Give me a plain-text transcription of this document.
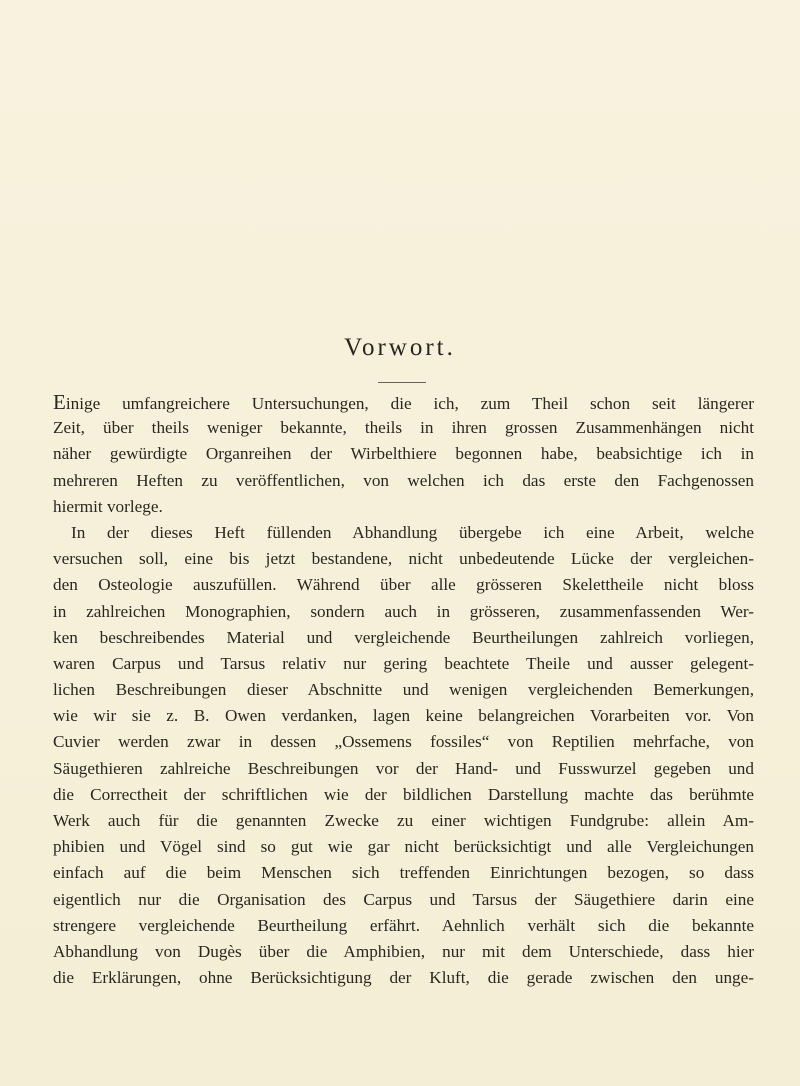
Vorwort.
Einige umfangreichere Untersuchungen, die ich, zum Theil schon seit längerer
Zeit, über theils weniger bekannte, theils in ihren grossen Zusammenhängen nicht
näher gewürdigte Organreihen der Wirbelthiere begonnen habe, beabsichtige ich in
mehreren Heften zu veröffentlichen, von welchen ich das erste den Fachgenossen
hiermit vorlege.
In der dieses Heft füllenden Abhandlung übergebe ich eine Arbeit, welche
versuchen soll, eine bis jetzt bestandene, nicht unbedeutende Lücke der vergleichen-
den Osteologie auszufüllen. Während über alle grösseren Skelettheile nicht bloss
in zahlreichen Monographien, sondern auch in grösseren, zusammenfassenden Wer-
ken beschreibendes Material und vergleichende Beurtheilungen zahlreich vorliegen,
waren Carpus und Tarsus relativ nur gering beachtete Theile und ausser gelegent-
lichen Beschreibungen dieser Abschnitte und wenigen vergleichenden Bemerkungen,
wie wir sie z. B. Owen verdanken, lagen keine belangreichen Vorarbeiten vor. Von
Cuvier werden zwar in dessen „Ossemens fossiles“ von Reptilien mehrfache, von
Säugethieren zahlreiche Beschreibungen vor der Hand- und Fusswurzel gegeben und
die Correctheit der schriftlichen wie der bildlichen Darstellung machte das berühmte
Werk auch für die genannten Zwecke zu einer wichtigen Fundgrube: allein Am-
phibien und Vögel sind so gut wie gar nicht berücksichtigt und alle Vergleichungen
einfach auf die beim Menschen sich treffenden Einrichtungen bezogen, so dass
eigentlich nur die Organisation des Carpus und Tarsus der Säugethiere darin eine
strengere vergleichende Beurtheilung erfährt. Aehnlich verhält sich die bekannte
Abhandlung von Dugès über die Amphibien, nur mit dem Unterschiede, dass hier
die Erklärungen, ohne Berücksichtigung der Kluft, die gerade zwischen den unge-
